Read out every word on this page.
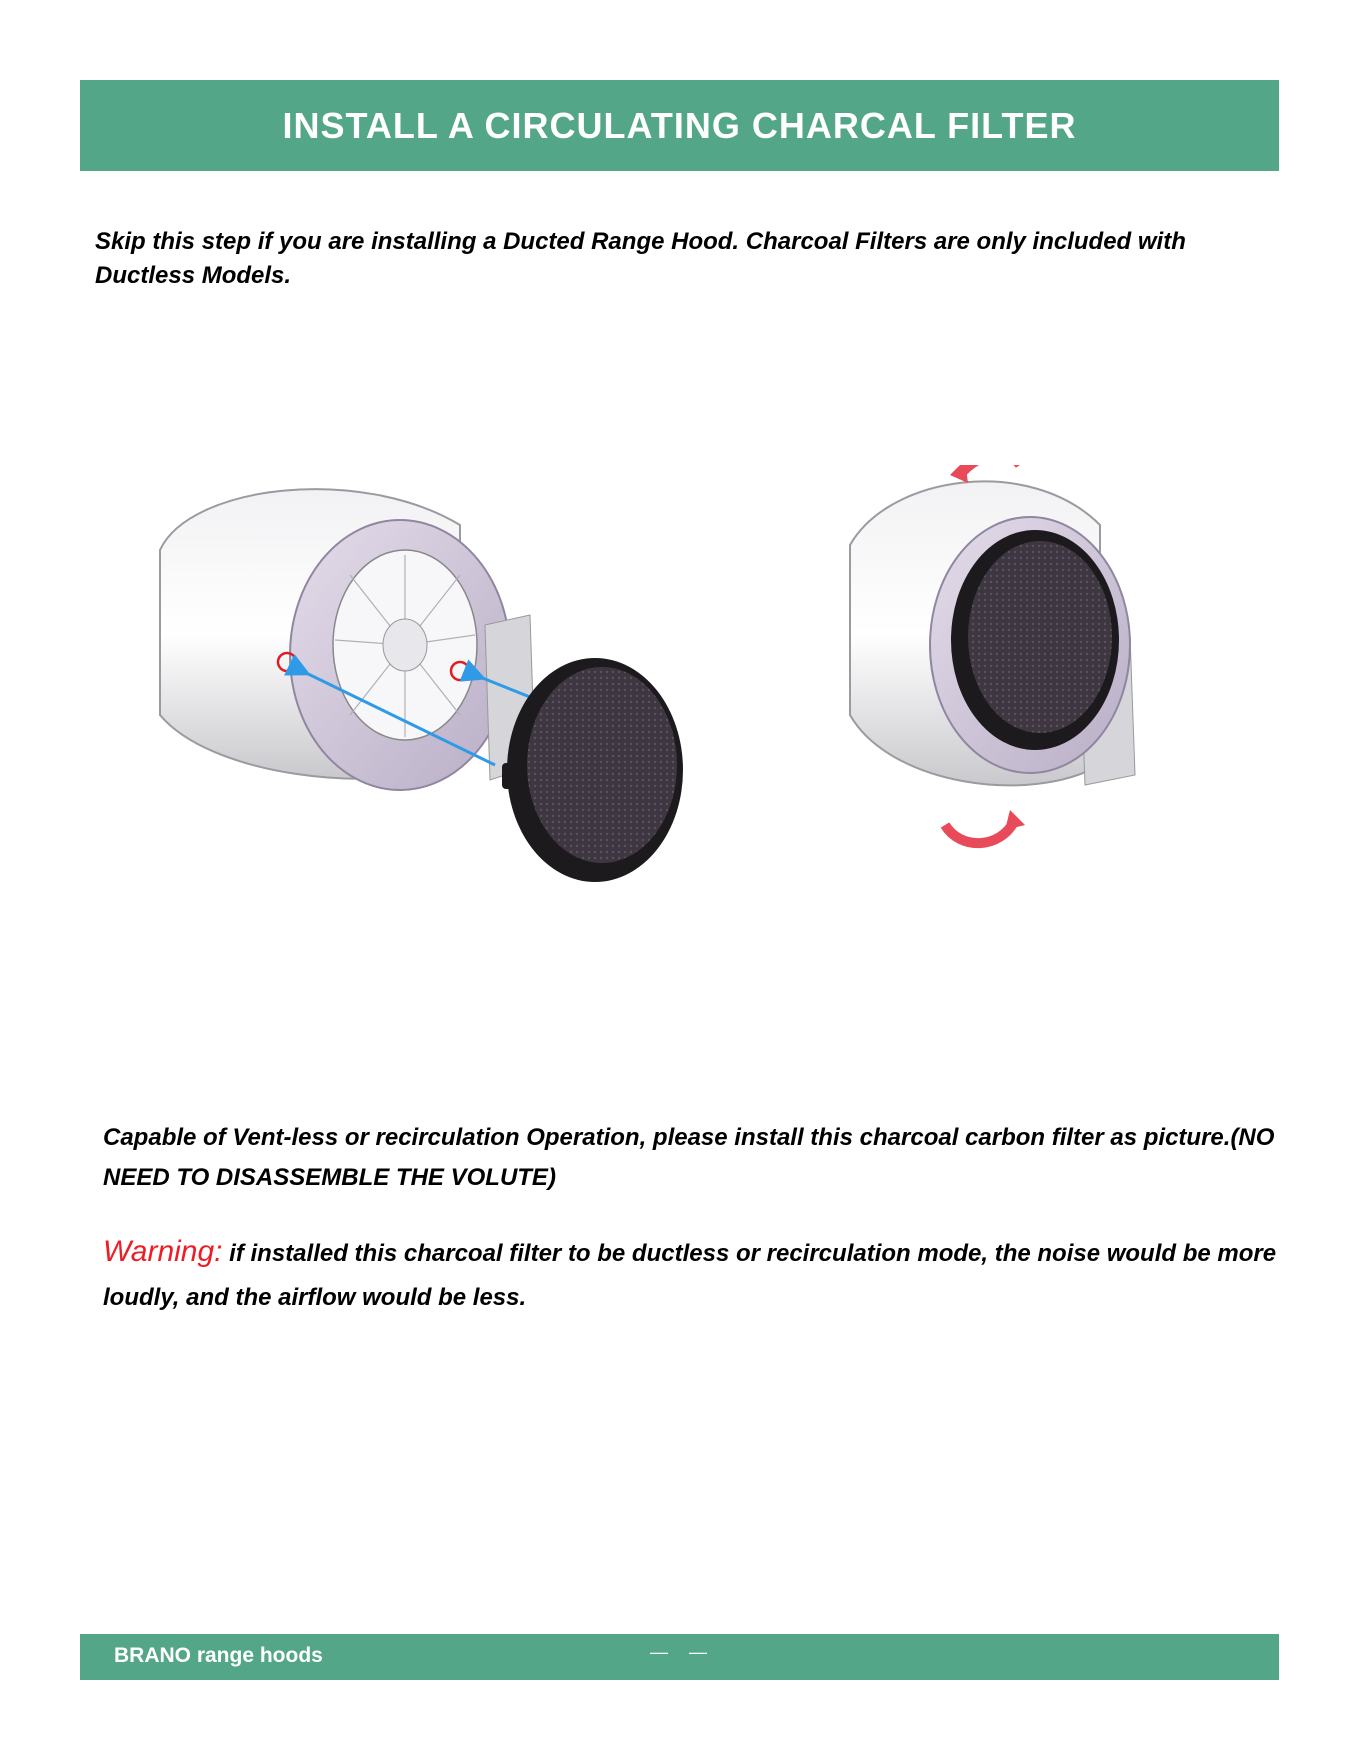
INSTALL A CIRCULATING CHARCAL FILTER
Skip this step if you are installing a Ducted Range Hood. Charcoal Filters are only included with Ductless Models.
Capable of Vent-less or recirculation Operation, please install this charcoal carbon filter as picture.(NO NEED TO DISASSEMBLE THE VOLUTE)
Warning: if installed this charcoal filter to be ductless or recirculation mode, the noise would be more loudly, and the airflow would be less.
BRANO range hoods	— —
